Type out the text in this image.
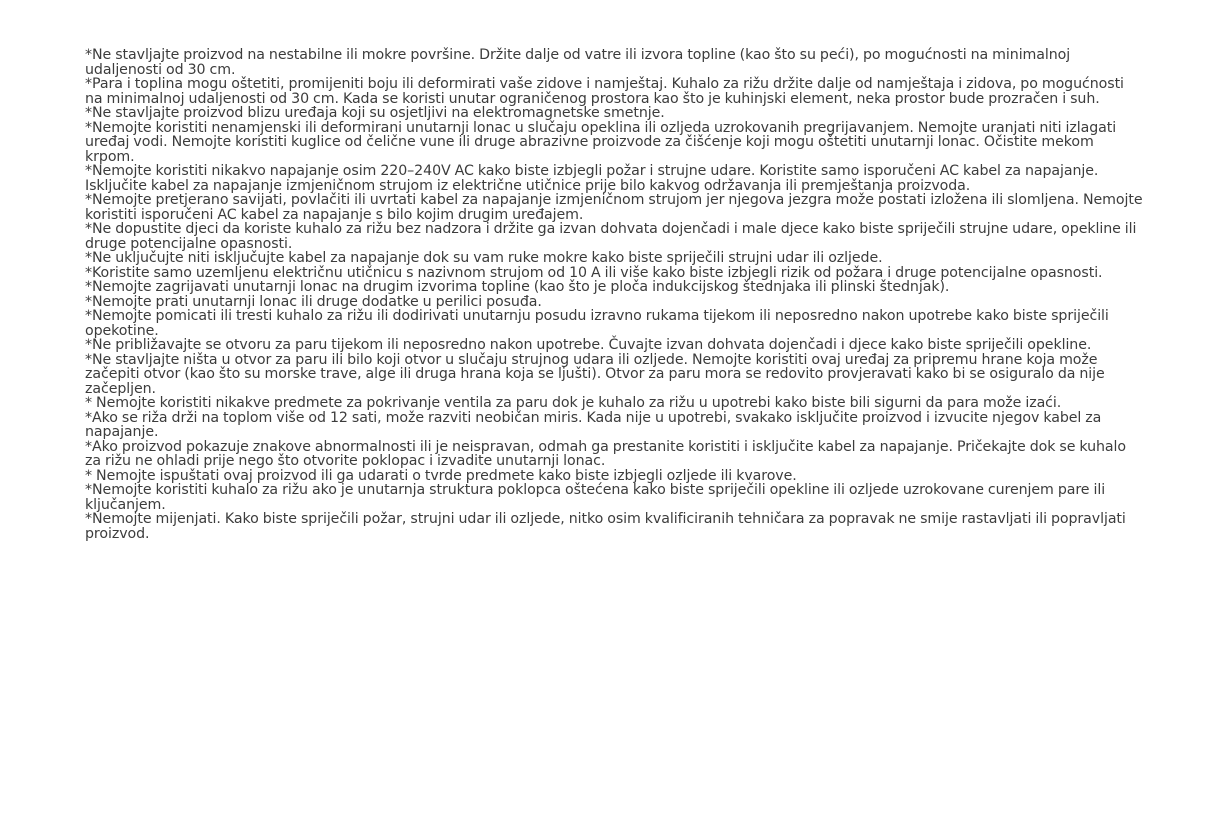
*Ne stavljajte proizvod na nestabilne ili mokre površine. Držite dalje od vatre ili izvora topline (kao što su peći), po mogućnosti na minimalnoj udaljenosti od 30 cm.

*Para i toplina mogu oštetiti, promijeniti boju ili deformirati vaše zidove i namještaj. Kuhalo za rižu držite dalje od namještaja i zidova, po mogućnosti na minimalnoj udaljenosti od 30 cm. Kada se koristi unutar ograničenog prostora kao što je kuhinjski element, neka prostor bude prozračen i suh.

*Ne stavljajte proizvod blizu uređaja koji su osjetljivi na elektromagnetske smetnje.

*Nemojte koristiti nenamjenski ili deformirani unutarnji lonac u slučaju opeklina ili ozljeda uzrokovanih pregrijavanjem. Nemojte uranjati niti izlagati uređaj vodi. Nemojte koristiti kuglice od čelične vune ili druge abrazivne proizvode za čišćenje koji mogu oštetiti unutarnji lonac. Očistite mekom krpom.

*Nemojte koristiti nikakvo napajanje osim 220–240V AC kako biste izbjegli požar i strujne udare. Koristite samo isporučeni AC kabel za napajanje. Isključite kabel za napajanje izmjeničnom strujom iz električne utičnice prije bilo kakvog održavanja ili premještanja proizvoda.

*Nemojte pretjerano savijati, povlačiti ili uvrtati kabel za napajanje izmjeničnom strujom jer njegova jezgra može postati izložena ili slomljena. Nemojte koristiti isporučeni AC kabel za napajanje s bilo kojim drugim uređajem.

*Ne dopustite djeci da koriste kuhalo za rižu bez nadzora i držite ga izvan dohvata dojenčadi i male djece kako biste spriječili strujne udare, opekline ili druge potencijalne opasnosti.

*Ne uključujte niti isključujte kabel za napajanje dok su vam ruke mokre kako biste spriječili strujni udar ili ozljede.

*Koristite samo uzemljenu električnu utičnicu s nazivnom strujom od 10 A ili više kako biste izbjegli rizik od požara i druge potencijalne opasnosti.

*Nemojte zagrijavati unutarnji lonac na drugim izvorima topline (kao što je ploča indukcijskog štednjaka ili plinski štednjak).

*Nemojte prati unutarnji lonac ili druge dodatke u perilici posuđa.

*Nemojte pomicati ili tresti kuhalo za rižu ili dodirivati unutarnju posudu izravno rukama tijekom ili neposredno nakon upotrebe kako biste spriječili opekotine.

*Ne približavajte se otvoru za paru tijekom ili neposredno nakon upotrebe. Čuvajte izvan dohvata dojenčadi i djece kako biste spriječili opekline.

*Ne stavljajte ništa u otvor za paru ili bilo koji otvor u slučaju strujnog udara ili ozljede. Nemojte koristiti ovaj uređaj za pripremu hrane koja može začepiti otvor (kao što su morske trave, alge ili druga hrana koja se ljušti). Otvor za paru mora se redovito provjeravati kako bi se osiguralo da nije začepljen.

* Nemojte koristiti nikakve predmete za pokrivanje ventila za paru dok je kuhalo za rižu u upotrebi kako biste bili sigurni da para može izaći.

*Ako se riža drži na toplom više od 12 sati, može razviti neobičan miris. Kada nije u upotrebi, svakako isključite proizvod i izvucite njegov kabel za napajanje.

*Ako proizvod pokazuje znakove abnormalnosti ili je neispravan, odmah ga prestanite koristiti i isključite kabel za napajanje. Pričekajte dok se kuhalo za rižu ne ohladi prije nego što otvorite poklopac i izvadite unutarnji lonac.

* Nemojte ispuštati ovaj proizvod ili ga udarati o tvrde predmete kako biste izbjegli ozljede ili kvarove.

*Nemojte koristiti kuhalo za rižu ako je unutarnja struktura poklopca oštećena kako biste spriječili opekline ili ozljede uzrokovane curenjem pare ili ključanjem.

*Nemojte mijenjati. Kako biste spriječili požar, strujni udar ili ozljede, nitko osim kvalificiranih tehničara za popravak ne smije rastavljati ili popravljati proizvod.
